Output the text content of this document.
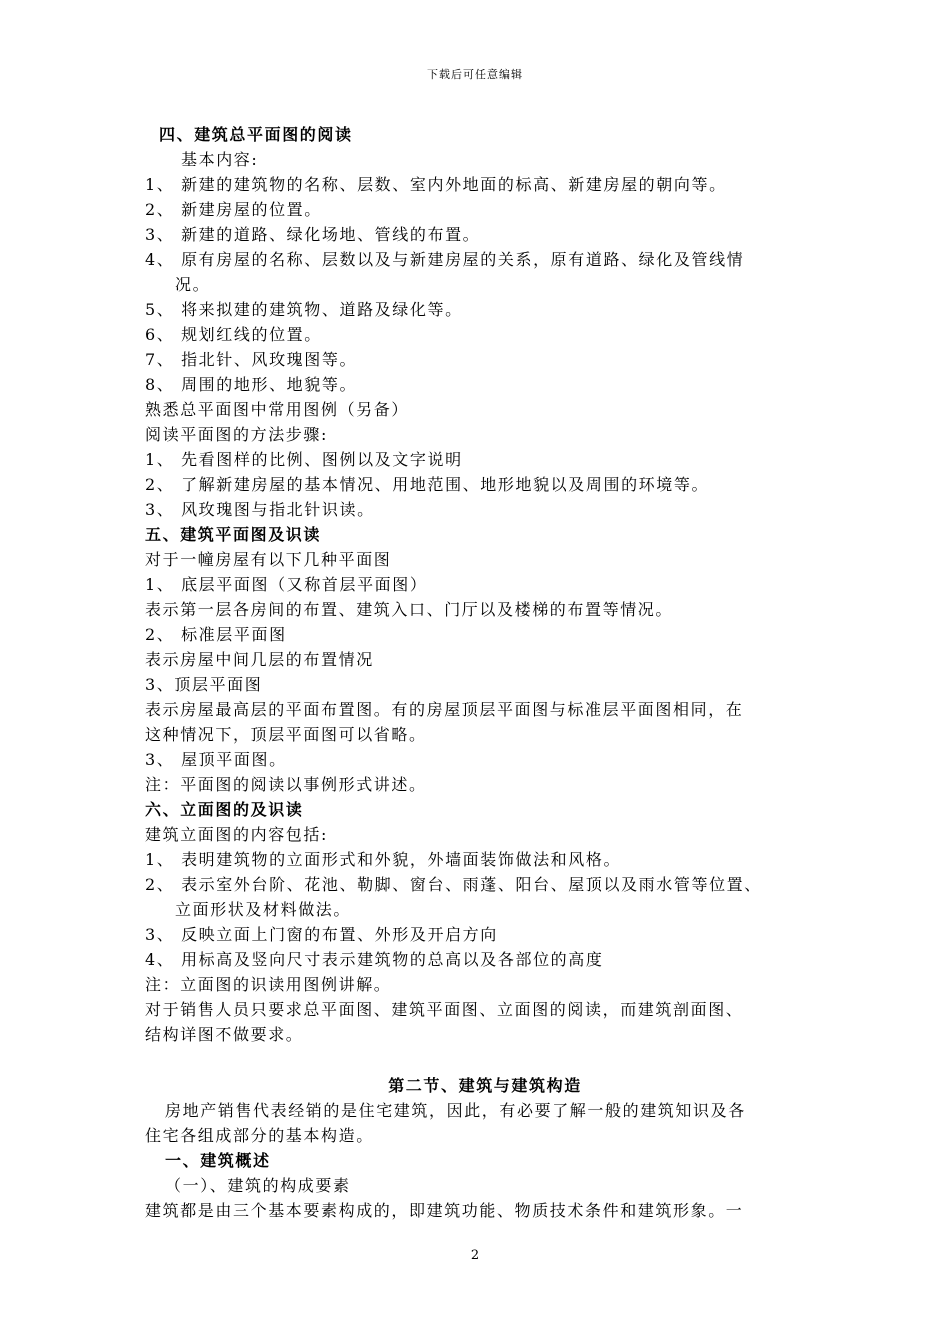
下载后可任意编辑
四、建筑总平面图的阅读
基本内容:
1、 新建的建筑物的名称、层数、室内外地面的标高、新建房屋的朝向等。
2、 新建房屋的位置。
3、 新建的道路、绿化场地、管线的布置。
4、 原有房屋的名称、层数以及与新建房屋的关系，原有道路、绿化及管线情
况。
5、 将来拟建的建筑物、道路及绿化等。
6、 规划红线的位置。
7、 指北针、风玫瑰图等。
8、 周围的地形、地貌等。
熟悉总平面图中常用图例（另备）
阅读平面图的方法步骤:
1、 先看图样的比例、图例以及文字说明
2、 了解新建房屋的基本情况、用地范围、地形地貌以及周围的环境等。
3、 风玫瑰图与指北针识读。
五、建筑平面图及识读
对于一幢房屋有以下几种平面图
1、 底层平面图（又称首层平面图）
表示第一层各房间的布置、建筑入口、门厅以及楼梯的布置等情况。
2、 标准层平面图
表示房屋中间几层的布置情况
3、顶层平面图
表示房屋最高层的平面布置图。有的房屋顶层平面图与标准层平面图相同，在
这种情况下，顶层平面图可以省略。
3、 屋顶平面图。
注：平面图的阅读以事例形式讲述。
六、立面图的及识读
建筑立面图的内容包括:
1、 表明建筑物的立面形式和外貌，外墙面装饰做法和风格。
2、 表示室外台阶、花池、勒脚、窗台、雨蓬、阳台、屋顶以及雨水管等位置、
立面形状及材料做法。
3、 反映立面上门窗的布置、外形及开启方向
4、 用标高及竖向尺寸表示建筑物的总高以及各部位的高度
注：立面图的识读用图例讲解。
对于销售人员只要求总平面图、建筑平面图、立面图的阅读，而建筑剖面图、
结构详图不做要求。
第二节、建筑与建筑构造
房地产销售代表经销的是住宅建筑，因此，有必要了解一般的建筑知识及各
住宅各组成部分的基本构造。
一、建筑概述
（一）、建筑的构成要素
建筑都是由三个基本要素构成的，即建筑功能、物质技术条件和建筑形象。一
2
